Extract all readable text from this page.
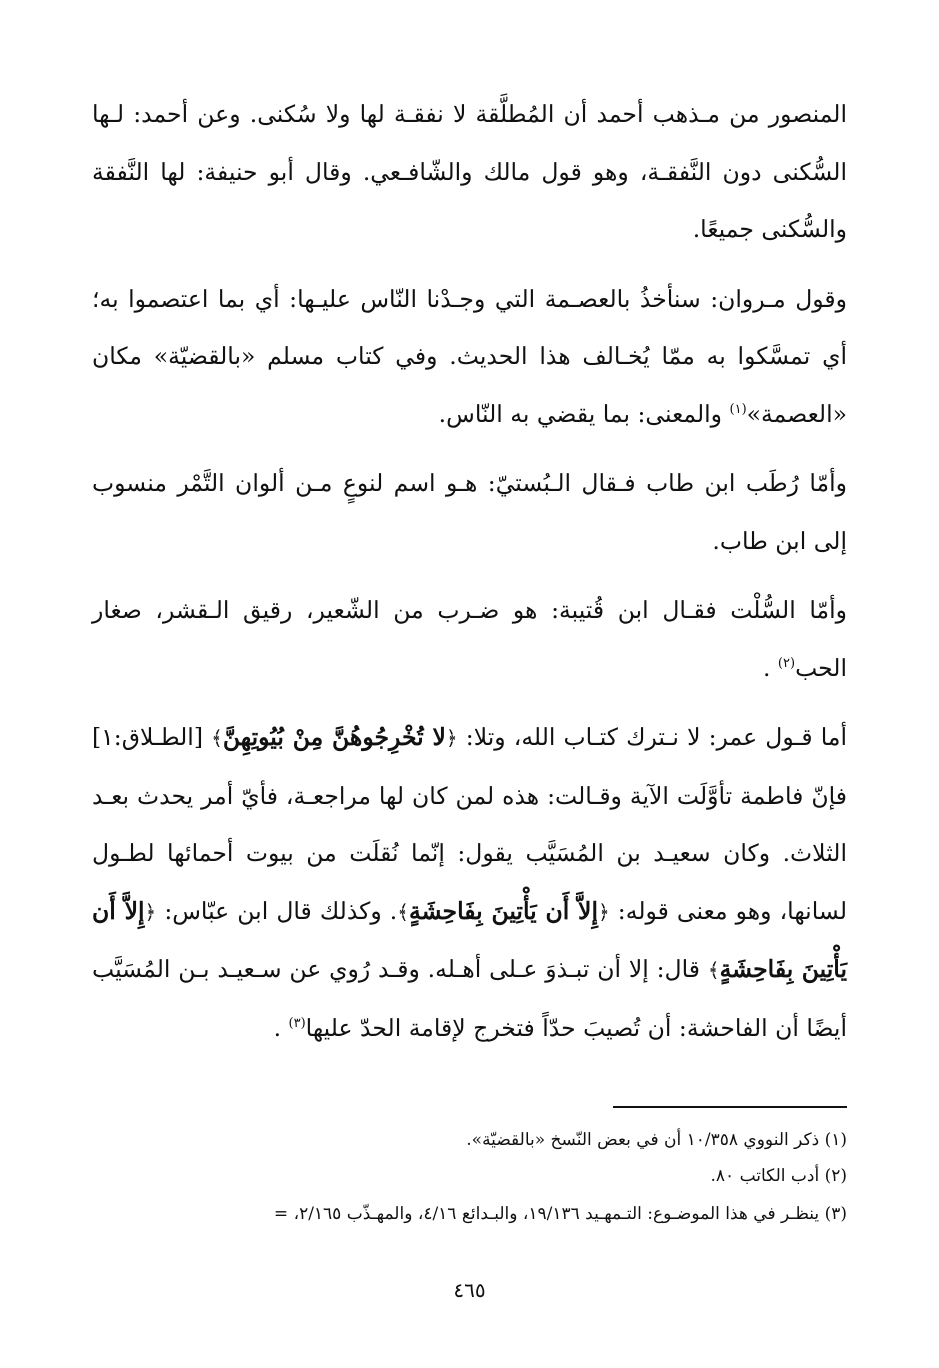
المنصور من مـذهب أحمد أن المُطلَّقة لا نفقـة لها ولا سُكنى. وعن أحمد: لـها السُّكنى دون النَّفقـة، وهو قول مالك والشّافـعي. وقال أبو حنيفة: لها النَّفقة والسُّكنى جميعًا.

وقول مـروان: سنأخذُ بالعصـمة التي وجـدْنا النّاس عليـها: أي بما اعتصموا به؛ أي تمسَّكوا به ممّا يُخـالف هذا الحديث. وفي كتاب مسلم «بالقضيّة» مكان «العصمة»$^{(١)}$ والمعنى: بما يقضي به النّاس.

وأمّا رُطَب ابن طاب فـقال الـبُستيّ: هـو اسم لنوعٍ مـن ألوان التَّمْر منسوب إلى ابن طاب.

وأمّا السُّلْت فقـال ابن قُتيبة: هو ضـرب من الشّعير، رقيق الـقشر، صغار الحب$^{(٢)}$ .

أما قـول عمر: لا نـترك كتـاب الله، وتلا: ﴿لا تُخْرِجُوهُنَّ مِنْ بُيُوتِهِنَّ﴾ [الطـلاق:١] فإنّ فاطمة تأوَّلَت الآية وقـالت: هذه لمن كان لها مراجعـة، فأيّ أمر يحدث بعـد الثلاث. وكان سعيـد بن المُسَيَّب يقول: إنّما نُقلَت من بيوت أحمائها لطـول لسانها، وهو معنى قوله: ﴿إِلاَّ أَن يَأْتِينَ بِفَاحِشَةٍ﴾. وكذلك قال ابن عبّاس: ﴿إِلاَّ أَن يَأْتِينَ بِفَاحِشَةٍ﴾ قال: إلا أن تبـذوَ عـلى أهـله. وقـد رُوي عن سـعيـد بـن المُسَيَّب أيضًا أن الفاحشة: أن تُصيبَ حدّاً فتخرج لإقامة الحدّ عليها$^{(٣)}$ .

(١) ذكر النووي ١٠/٣٥٨ أن في بعض النّسخ «بالقضيّة».

(٢) أدب الكاتب ٨٠.

(٣) ينظـر في هذا الموضـوع: التـمهـيد ١٩/١٣٦، والبـدائع ٤/١٦، والمهـذّب ٢/١٦٥، =

٤٦٥
